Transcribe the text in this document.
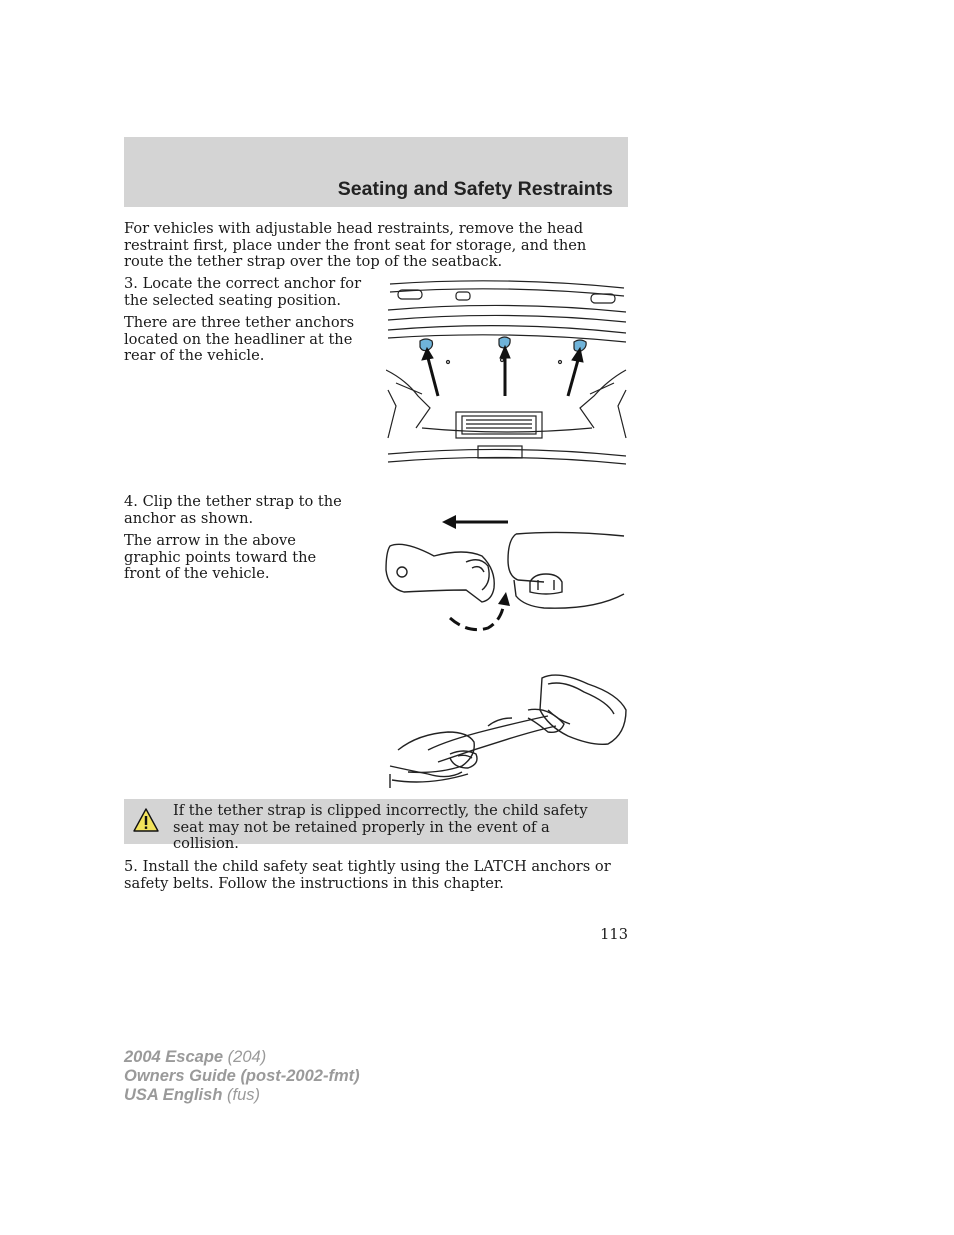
Seating and Safety Restraints

For vehicles with adjustable head restraints, remove the head restraint first, place under the front seat for storage, and then route the tether strap over the top of the seatback.

3. Locate the correct anchor for the selected seating position.

There are three tether anchors located on the headliner at the rear of the vehicle.

4. Clip the tether strap to the anchor as shown.

The arrow in the above graphic points toward the front of the vehicle.

If the tether strap is clipped incorrectly, the child safety seat may not be retained properly in the event of a collision.

5. Install the child safety seat tightly using the LATCH anchors or safety belts. Follow the instructions in this chapter.

113
2004 Escape (204)
Owners Guide (post-2002-fmt)
USA English (fus)
